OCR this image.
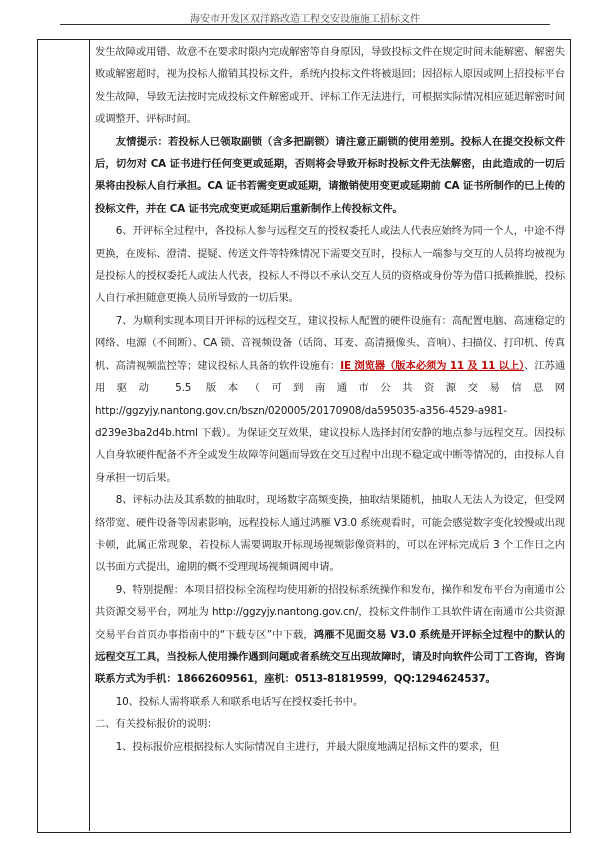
海安市开发区双洋路改造工程交安设施施工招标文件

发生故障或用错、故意不在要求时限内完成解密等自身原因，导致投标文件在规定时间未能解密、解密失败或解密超时，视为投标人撤销其投标文件，系统内投标文件将被退回；因招标人原因或网上招投标平台发生故障，导致无法按时完成投标文件解密或开、评标工作无法进行，可根据实际情况相应延迟解密时间或调整开、评标时间。

友情提示：若投标人已领取副锁（含多把副锁）请注意正副锁的使用差别。投标人在提交投标文件后，切勿对 CA 证书进行任何变更或延期，否则将会导致开标时投标文件无法解密，由此造成的一切后果将由投标人自行承担。CA 证书若需变更或延期，请撤销使用变更或延期前 CA 证书所制作的已上传的投标文件，并在 CA 证书完成变更或延期后重新制作上传投标文件。

6、开评标全过程中，各投标人参与远程交互的授权委托人或法人代表应始终为同一个人，中途不得更换，在废标、澄清、提疑、传送文件等特殊情况下需要交互时，投标人一端参与交互的人员将均被视为是投标人的授权委托人或法人代表，投标人不得以不承认交互人员的资格或身份等为借口抵赖推脱，投标人自行承担随意更换人员所导致的一切后果。

7、为顺利实现本项目开评标的远程交互，建议投标人配置的硬件设施有：高配置电脑、高速稳定的网络、电源（不间断）、CA 锁、音视频设备（话筒、耳麦、高清摄像头、音响）、扫描仪、打印机、传真机、高清视频监控等；建议投标人具备的软件设施有：IE 浏览器（版本必须为 11 及 11 以上）、江苏通用驱动 5.5 版本（可到南通市公共资源交易信息网 http://ggzyjy.nantong.gov.cn/bszn/020005/20170908/da595035-a356-4529-a981-d239e3ba2d4b.html 下载）。为保证交互效果，建议投标人选择封闭安静的地点参与远程交互。因投标人自身软硬件配备不齐全或发生故障等问题而导致在交互过程中出现不稳定或中断等情况的，由投标人自身承担一切后果。

8、评标办法及其系数的抽取时，现场数字高频变换，抽取结果随机，抽取人无法人为设定，但受网络带宽、硬件设备等因素影响，远程投标人通过鸿雁 V3.0 系统观看时，可能会感觉数字变化较慢或出现卡顿，此属正常现象，若投标人需要调取开标现场视频影像资料的，可以在评标完成后 3 个工作日之内以书面方式提出，逾期的概不受理现场视频调阅申请。

9、特别提醒：本项目招投标全流程均使用新的招投标系统操作和发布，操作和发布平台为南通市公共资源交易平台，网址为 http://ggzyjy.nantong.gov.cn/，投标文件制作工具软件请在南通市公共资源交易平台首页办事指南中的“下载专区”中下载，鸿雁不见面交易 V3.0 系统是开评标全过程中的默认的远程交互工具，当投标人使用操作遇到问题或者系统交互出现故障时，请及时向软件公司丁工咨询，咨询联系方式为手机：18662609561，座机：0513-81819599，QQ:1294624537。

10、投标人需将联系人和联系电话写在授权委托书中。

二、有关投标报价的说明：

1、投标报价应根据投标人实际情况自主进行，并最大限度地满足招标文件的要求，但
